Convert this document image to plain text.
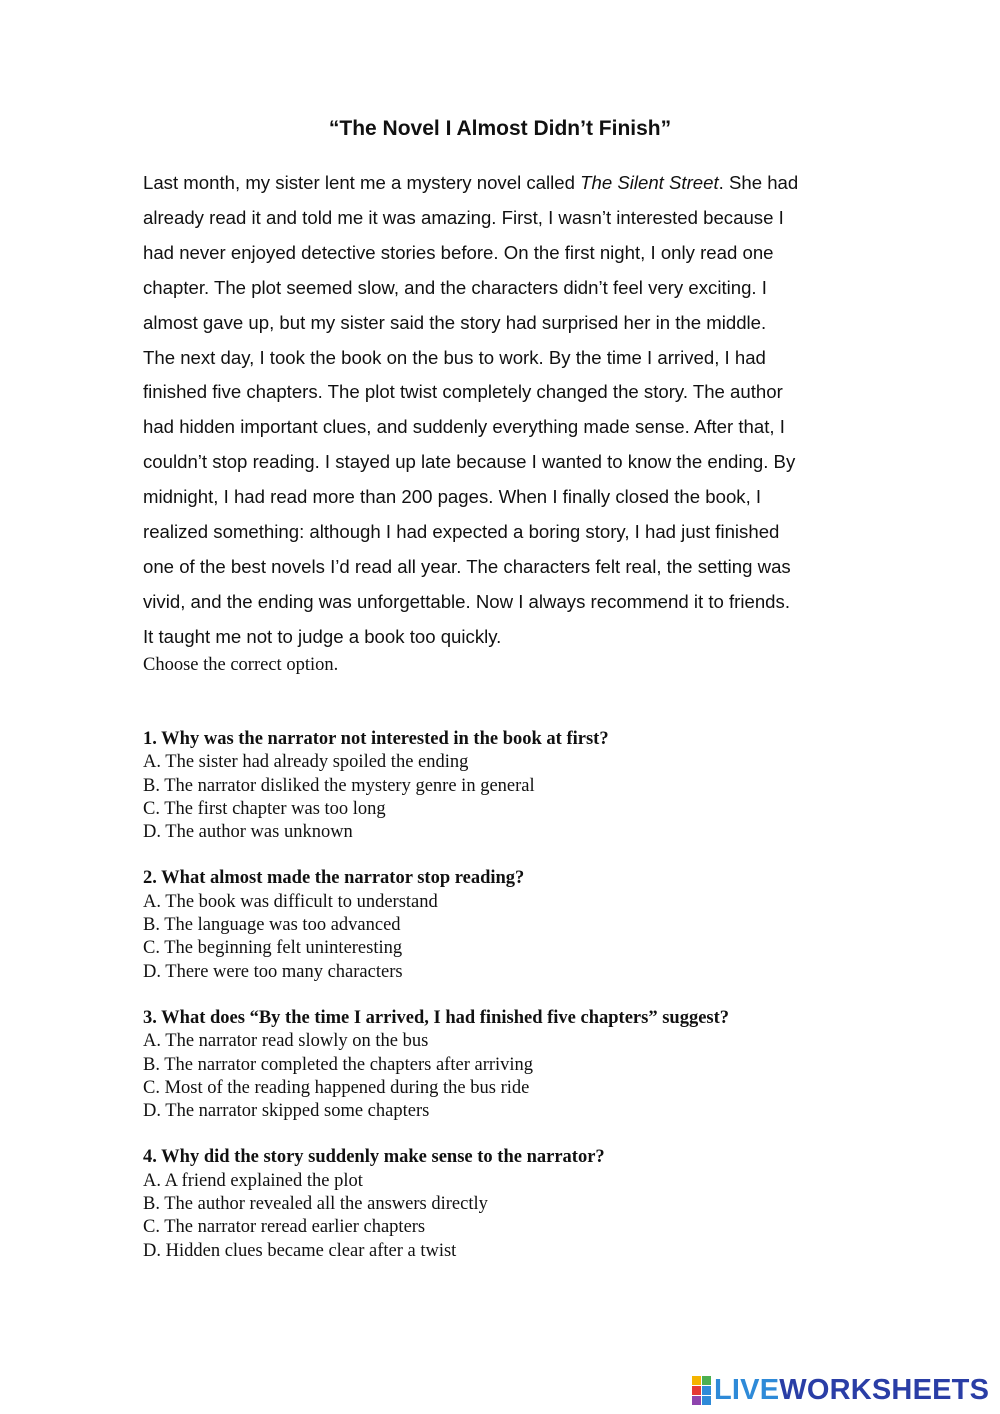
“The Novel I Almost Didn’t Finish”
Last month, my sister lent me a mystery novel called The Silent Street. She had
already read it and told me it was amazing. First, I wasn’t interested because I
had never enjoyed detective stories before. On the first night, I only read one
chapter. The plot seemed slow, and the characters didn’t feel very exciting. I
almost gave up, but my sister said the story had surprised her in the middle.
The next day, I took the book on the bus to work. By the time I arrived, I had
finished five chapters. The plot twist completely changed the story. The author
had hidden important clues, and suddenly everything made sense. After that, I
couldn’t stop reading. I stayed up late because I wanted to know the ending. By
midnight, I had read more than 200 pages. When I finally closed the book, I
realized something: although I had expected a boring story, I had just finished
one of the best novels I’d read all year. The characters felt real, the setting was
vivid, and the ending was unforgettable. Now I always recommend it to friends.
It taught me not to judge a book too quickly.
Choose the correct option.
1. Why was the narrator not interested in the book at first?
A. The sister had already spoiled the ending
B. The narrator disliked the mystery genre in general
C. The first chapter was too long
D. The author was unknown
2. What almost made the narrator stop reading?
A. The book was difficult to understand
B. The language was too advanced
C. The beginning felt uninteresting
D. There were too many characters
3. What does “By the time I arrived, I had finished five chapters” suggest?
A. The narrator read slowly on the bus
B. The narrator completed the chapters after arriving
C. Most of the reading happened during the bus ride
D. The narrator skipped some chapters
4. Why did the story suddenly make sense to the narrator?
A. A friend explained the plot
B. The author revealed all the answers directly
C. The narrator reread earlier chapters
D. Hidden clues became clear after a twist
LIVEWORKSHEETS
